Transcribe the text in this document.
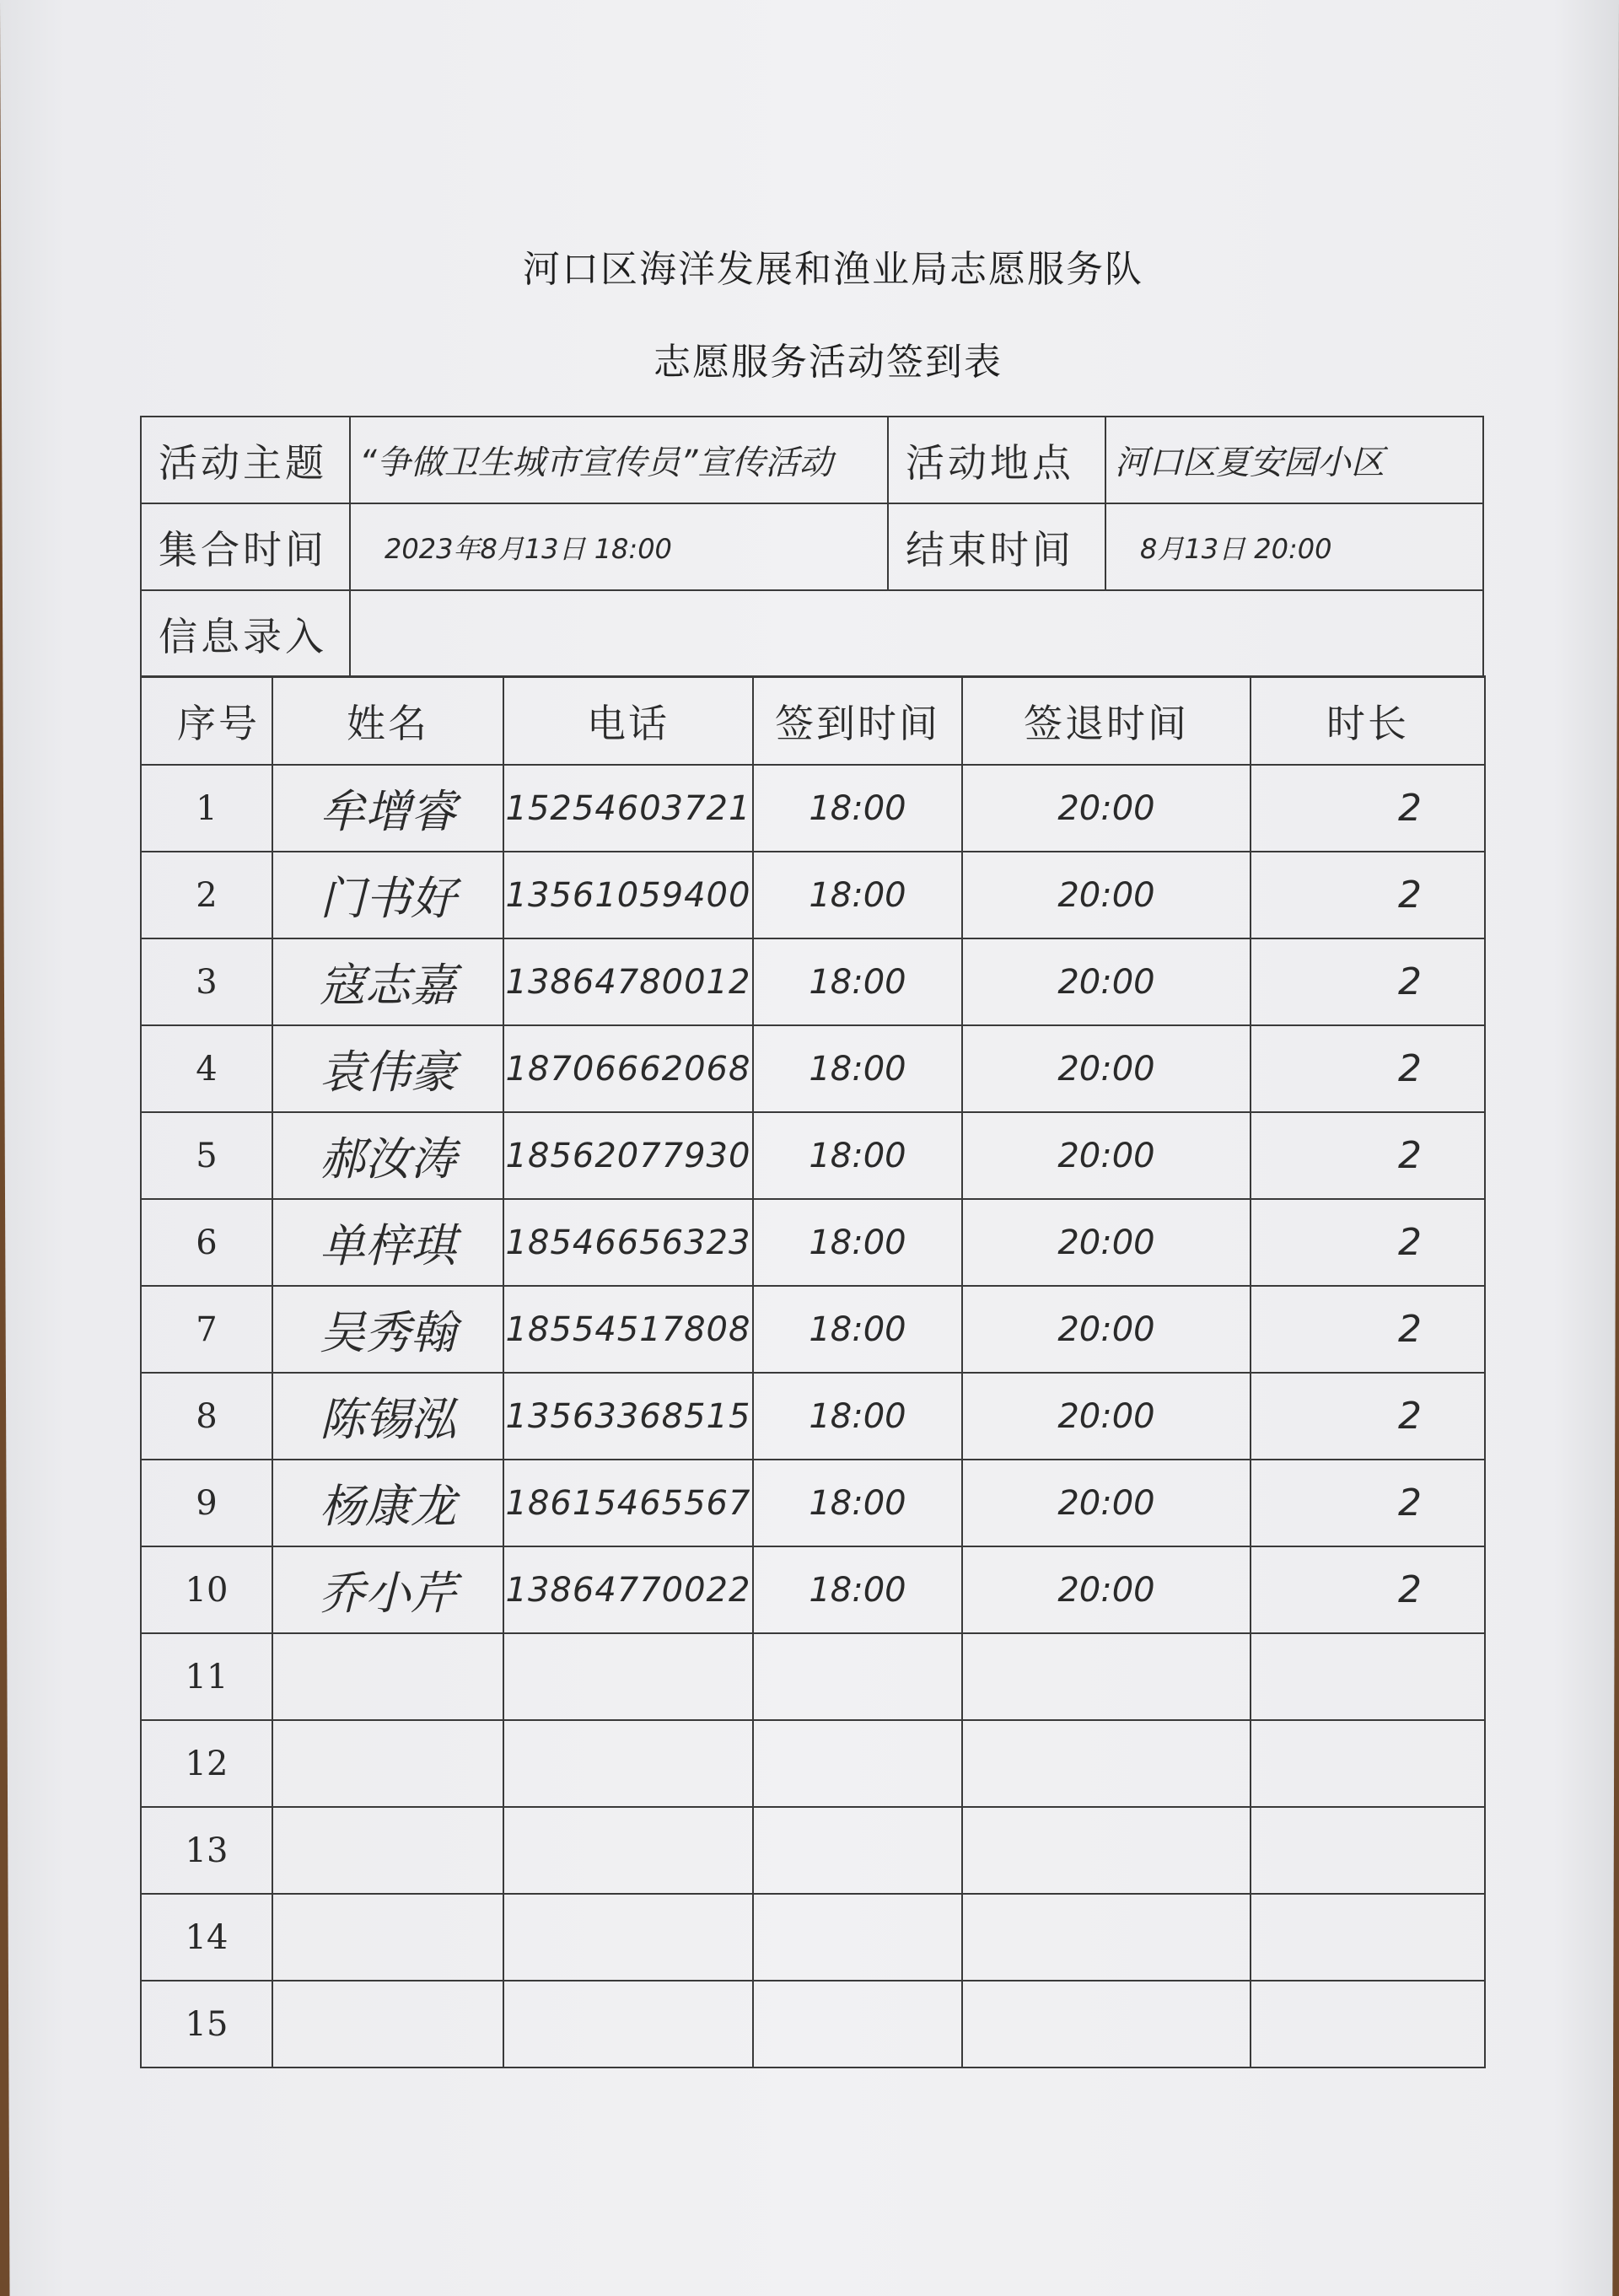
河口区海洋发展和渔业局志愿服务队
志愿服务活动签到表
活动主题	“争做卫生城市宣传员”宣传活动	活动地点	河口区夏安园小区
集合时间	2023年8月13日 18:00	结束时间	8月13日 20:00
信息录入			
序号	姓名	电话	签到时间	签退时间	时长
1	牟增睿	15254603721	18:00	20:00	2
2	门书好	13561059400	18:00	20:00	2
3	寇志嘉	13864780012	18:00	20:00	2
4	袁伟豪	18706662068	18:00	20:00	2
5	郝汝涛	18562077930	18:00	20:00	2
6	单梓琪	18546656323	18:00	20:00	2
7	吴秀翰	18554517808	18:00	20:00	2
8	陈锡泓	13563368515	18:00	20:00	2
9	杨康龙	18615465567	18:00	20:00	2
10	乔小芹	13864770022	18:00	20:00	2
11					
12					
13					
14					
15					
